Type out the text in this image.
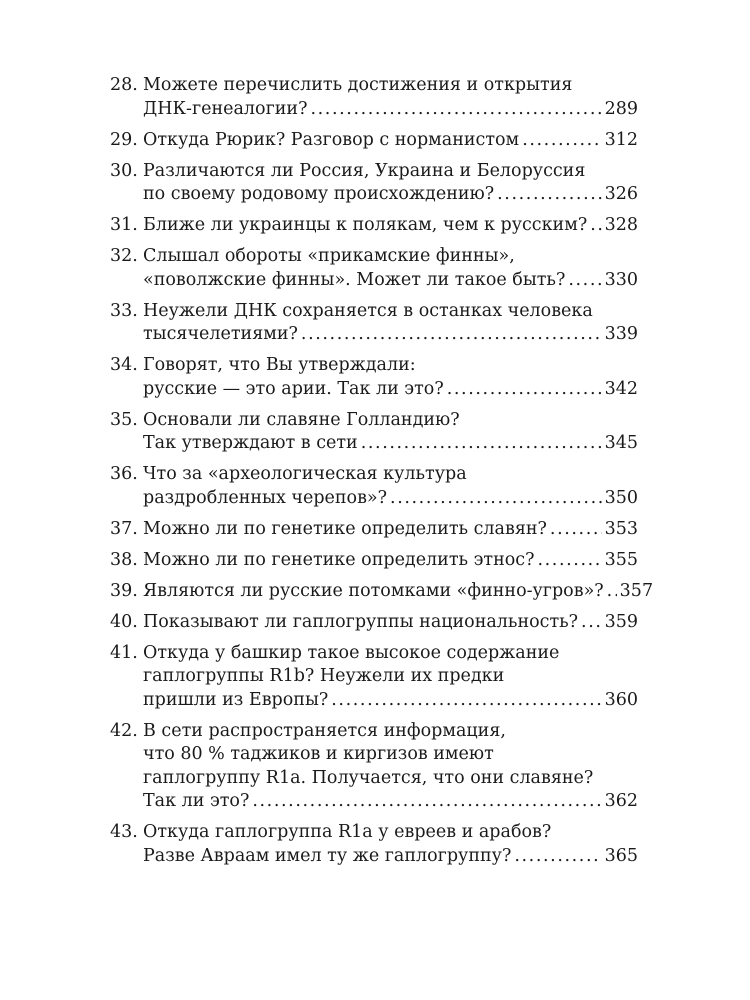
28. Можете перечислить достижения и открытия
ДНК-генеалогии? .....	289
29. Откуда Рюрик? Разговор с норманистом .....	312
30. Различаются ли Россия, Украина и Белоруссия
по своему родовому происхождению? .....	326
31. Ближе ли украинцы к полякам, чем к русским? ..... 328
32. Слышал обороты «прикамские финны»,
«поволжские финны». Может ли такое быть? ..... 330
33. Неужели ДНК сохраняется в останках человека
тысячелетиями? .....	339
34. Говорят, что Вы утверждали:
русские — это арии. Так ли это? .....	342
35. Основали ли славяне Голландию?
Так утверждают в сети .....	345
36. Что за «археологическая культура
раздробленных черепов»? .....	350
37. Можно ли по генетике определить славян? .....	353
38. Можно ли по генетике определить этнос? .....	355
39. Являются ли русские потомками «финно-угров»? ..... 357
40. Показывают ли гаплогруппы национальность? ..... 359
41. Откуда у башкир такое высокое содержание
гаплогруппы R1b? Неужели их предки
пришли из Европы? .....	360
42. В сети распространяется информация,
что 80 % таджиков и киргизов имеют
гаплогруппу R1a. Получается, что они славяне?
Так ли это? .....	362
43. Откуда гаплогруппа R1a у евреев и арабов?
Разве Авраам имел ту же гаплогруппу? .....	365
